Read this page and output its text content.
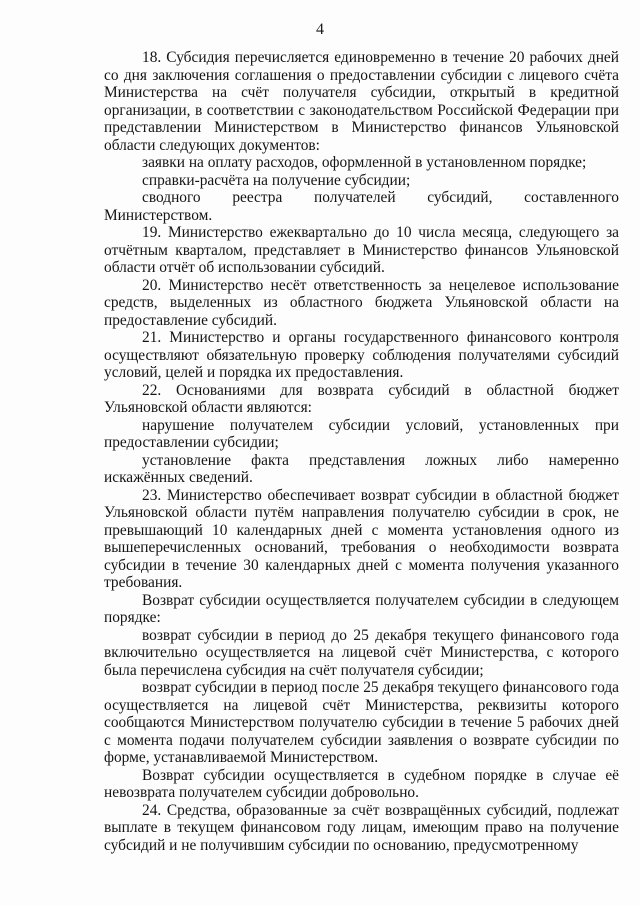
4

18. Субсидия перечисляется единовременно в течение 20 рабочих дней со дня заключения соглашения о предоставлении субсидии с лицевого счёта Министерства на счёт получателя субсидии, открытый в кредитной организации, в соответствии с законодательством Российской Федерации при представлении Министерством в Министерство финансов Ульяновской области следующих документов:

заявки на оплату расходов, оформленной в установленном порядке;

справки-расчёта на получение субсидии;

сводного реестра получателей субсидий, составленного Министерством.

19. Министерство ежеквартально до 10 числа месяца, следующего за отчётным кварталом, представляет в Министерство финансов Ульяновской области отчёт об использовании субсидий.

20. Министерство несёт ответственность за нецелевое использование средств, выделенных из областного бюджета Ульяновской области на предоставление субсидий.

21. Министерство и органы государственного финансового контроля осуществляют обязательную проверку соблюдения получателями субсидий условий, целей и порядка их предоставления.

22. Основаниями для возврата субсидий в областной бюджет Ульяновской области являются:

нарушение получателем субсидии условий, установленных при предоставлении субсидии;

установление факта представления ложных либо намеренно искажённых сведений.

23. Министерство обеспечивает возврат субсидии в областной бюджет Ульяновской области путём направления получателю субсидии в срок, не превышающий 10 календарных дней с момента установления одного из вышеперечисленных оснований, требования о необходимости возврата субсидии в течение 30 календарных дней с момента получения указанного требования.

Возврат субсидии осуществляется получателем субсидии в следующем порядке:

возврат субсидии в период до 25 декабря текущего финансового года включительно осуществляется на лицевой счёт Министерства, с которого была перечислена субсидия на счёт получателя субсидии;

возврат субсидии в период после 25 декабря текущего финансового года осуществляется на лицевой счёт Министерства, реквизиты которого сообщаются Министерством получателю субсидии в течение 5 рабочих дней с момента подачи получателем субсидии заявления о возврате субсидии по форме, устанавливаемой Министерством.

Возврат субсидии осуществляется в судебном порядке в случае её невозврата получателем субсидии добровольно.

24. Средства, образованные за счёт возвращённых субсидий, подлежат выплате в текущем финансовом году лицам, имеющим право на получение субсидий и не получившим субсидии по основанию, предусмотренному
